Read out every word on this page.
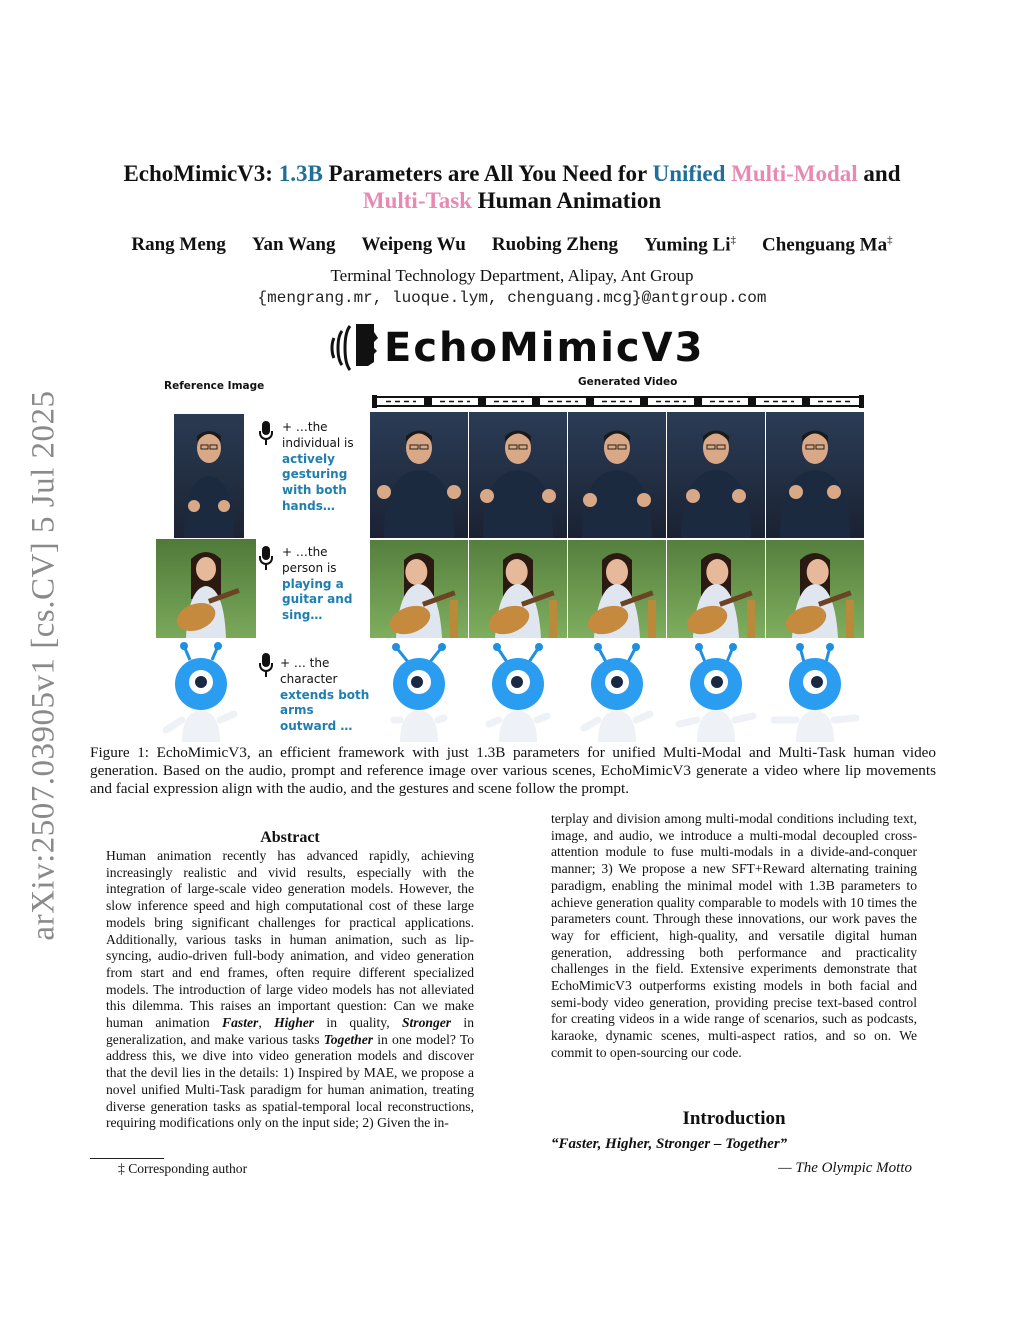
arXiv:2507.03905v1 [cs.CV] 5 Jul 2025
EchoMimicV3: 1.3B Parameters are All You Need for Unified Multi-Modal and
Multi-Task Human Animation
Rang Meng Yan Wang Weipeng Wu Ruobing Zheng Yuming Li‡ Chenguang Ma‡
Terminal Technology Department, Alipay, Ant Group
{mengrang.mr, luoque.lym, chenguang.mcg}@antgroup.com
EchoMimicV3
Reference Image	Generated Video
+ …the
individual is
actively
gesturing
with both
hands…
+ …the
person is
playing a
guitar and
sing…
+ … the
character
extends both
arms
outward …
Figure 1: EchoMimicV3, an efficient framework with just 1.3B parameters for unified Multi-Modal and Multi-Task human video generation. Based on the audio, prompt and reference image over various scenes, EchoMimicV3 generate a video where lip movements and facial expression align with the audio, and the gestures and scene follow the prompt.
Abstract
Human animation recently has advanced rapidly, achieving increasingly realistic and vivid results, especially with the integration of large-scale video generation models. However, the slow inference speed and high computational cost of these large models bring significant challenges for practical applications. Additionally, various tasks in human animation, such as lip-syncing, audio-driven full-body animation, and video generation from start and end frames, often require different specialized models. The introduction of large video models has not alleviated this dilemma. This raises an important question: Can we make human animation Faster, Higher in quality, Stronger in generalization, and make various tasks Together in one model? To address this, we dive into video generation models and discover that the devil lies in the details: 1) Inspired by MAE, we propose a novel unified Multi-Task paradigm for human animation, treating diverse generation tasks as spatial-temporal local reconstructions, requiring modifications only on the input side; 2) Given the in-
terplay and division among multi-modal conditions including text, image, and audio, we introduce a multi-modal decoupled cross-attention module to fuse multi-modals in a divide-and-conquer manner; 3) We propose a new SFT+Reward alternating training paradigm, enabling the minimal model with 1.3B parameters to achieve generation quality comparable to models with 10 times the parameters count. Through these innovations, our work paves the way for efficient, high-quality, and versatile digital human generation, addressing both performance and practicality challenges in the field. Extensive experiments demonstrate that EchoMimicV3 outperforms existing models in both facial and semi-body video generation, providing precise text-based control for creating videos in a wide range of scenarios, such as podcasts, karaoke, dynamic scenes, multi-aspect ratios, and so on. We commit to open-sourcing our code.
‡ Corresponding author
Introduction
“Faster, Higher, Stronger – Together”
— The Olympic Motto
